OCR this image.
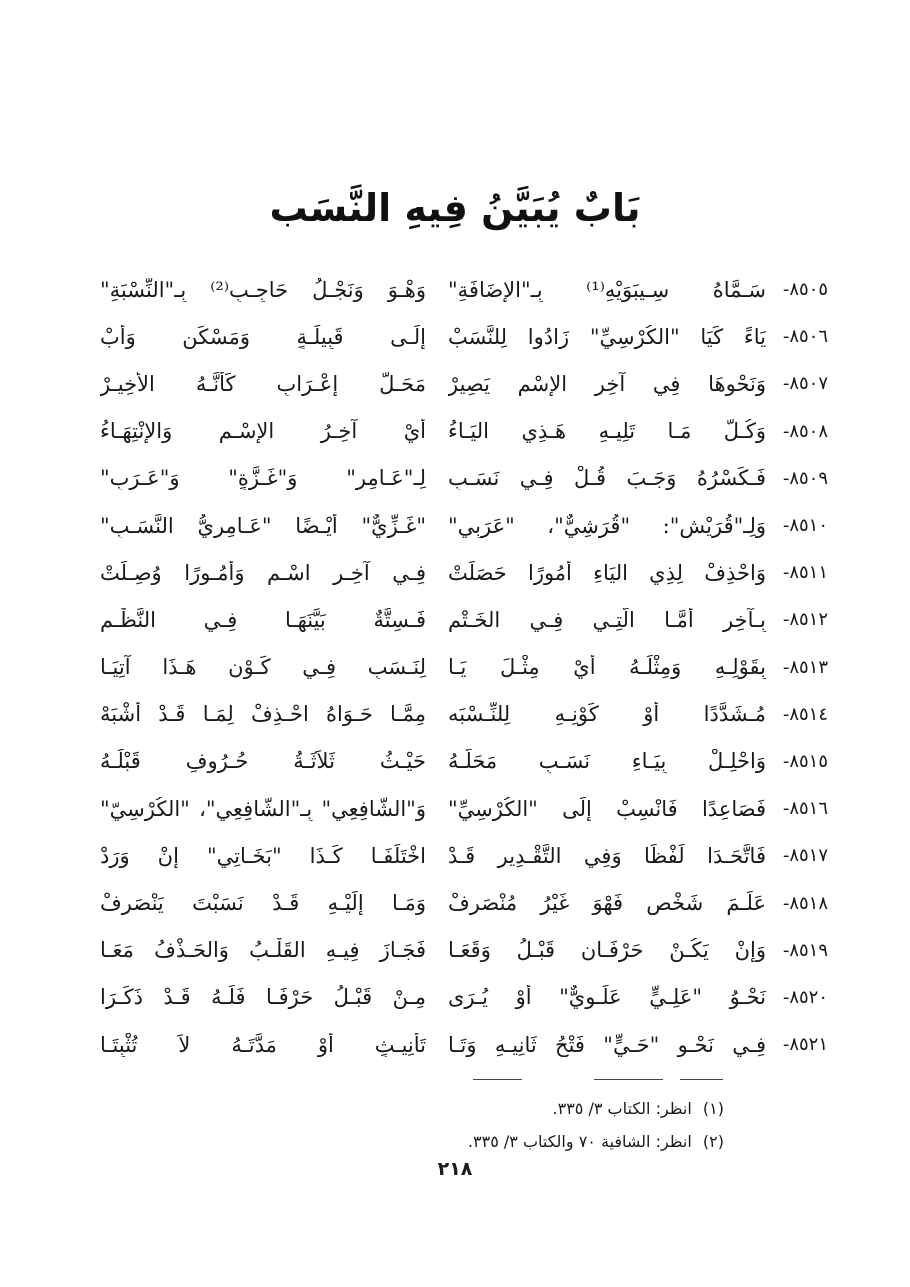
بَابٌ يُبَيَّنُ فِيهِ النَّسَب
٨٥٠٥-
سَـمَّاهُ سِـيبَوَيْهِ⁽¹⁾ بِـ"الإِضَافَةِ"
وَهْـوَ وَنَجْـلُ حَاجِـبٍ⁽²⁾ بِـ"النِّسْبَةِ"
٨٥٠٦-
يَاءً كَيَا "الكُرْسِيِّ" زَادُوا لِلنَّسَبْ
إِلَـى قَبِيلَـةٍ وَمَسْكَنٍ وَأَبْ
٨٥٠٧-
وَنَحْوِهَا فِي آخِرِ الإِسْمِ يَصِيرْ
مَحَـلَّ إِعْـرَابٍ كَأَنَّـهُ الأَخِيـرْ
٨٥٠٨-
وَكُـلُّ مَـا تَلِيـهِ هَـذِي اليَـاءُ
أَيْ آخِـرُ الإِسْـمِ وَالإِنْتِهَـاءُ
٨٥٠٩-
فَـكَسْرُهُ وَجَـبَ قُـلْ فِـي نَسَـبِ
لِـ"عَـامِرٍ" وَ"غَـزَّةٍ" وَ"عَـرَبِ"
٨٥١٠-
وَلِـ"قُرَيْشٍ": "قُرَشِيٌّ"، "عَرَبِي"
"غَـزِّيٌّ" أَيْـضًا "عَـامِرِيُّ النَّسَـبِ"
٨٥١١-
وَاحْذِفْ لِذِي اليَاءِ أُمُورًا حَصَلَتْ
فِـي آخِـرِ اسْـمٍ وَأُمُـورًا وُصِـلَتْ
٨٥١٢-
بِـآخِرٍ أَمَّـا الَّتِـي فِـي الخَـتْمِ
فَـسِتَّةٌ بَيَّنَهَـا فِـي النَّظْـمِ
٨٥١٣-
بِقَوْلِـهِ وَمِثْلَـهُ أَيْ مِثْـلَ يَـا
لِنَـسَبٍ فِـي كَـوْنِ هَـذَا آتِيَـا
٨٥١٤-
مُـشَدَّدًا أَوْ كَوْنِـهِ لِلنِّـسْبَه
مِمَّـا حَـوَاهُ احْـذِفْ لِمَـا قَـدْ أَشْبَهْ
٨٥١٥-
وَاحْلِـلْ بِيَـاءِ نَسَـبٍ مَحَلَّـهُ
حَيْـثُ ثَلاَثَـةُ حُـرُوفٍ قَبْلَـهُ
٨٥١٦-
فَصَاعِدًا فَانْسِبْ إِلَى "الكُرْسِيِّ"
وَ"الشَّافِعِي" بِـ"الشَّافِعِي"، "الكُرْسِيّ"
٨٥١٧-
فَاتَّحَـدَا لَفْظًا وَفِي التَّقْـدِيرِ قَـدْ
اخْتَلَفَـا كَـذَا "بَخَـاتِي" إِنْ وَرَدْ
٨٥١٨-
عَلَـمَ شَخْصٍ فَهْوَ غَيْرُ مُنْصَرِفْ
وَمَـا إِلَيْـهِ قَـدْ نَسَبْتَ يَنْصَرِفْ
٨٥١٩-
وَإِنْ يَكُـنْ حَرْفَـانِ قَبْـلُ وَقَعَـا
فَجَـازَ فِيـهِ القَلْـبُ وَالحَـذْفُ مَعَـا
٨٥٢٠-
نَحْـوُ "عَلِـيٍّ عَلَـوِيٌّ" أَوْ يُـرَى
مِـنْ قَبْـلُ حَرْفَـا فَلَـهُ قَـدْ ذَكَـرَا
٨٥٢١-
فِـي نَحْـوِ "حَـيٍّ" فَتْحُ ثَانِيـهِ وَتَـا
تَأْنِيـثٍ أَوْ مَدَّتَـهُ لاَ تُثْبِتَـا
(١) انظر: الكتاب ٣/ ٣٣٥.
(٢) انظر: الشافية ٧٠ والكتاب ٣/ ٣٣٥.
٢١٨
